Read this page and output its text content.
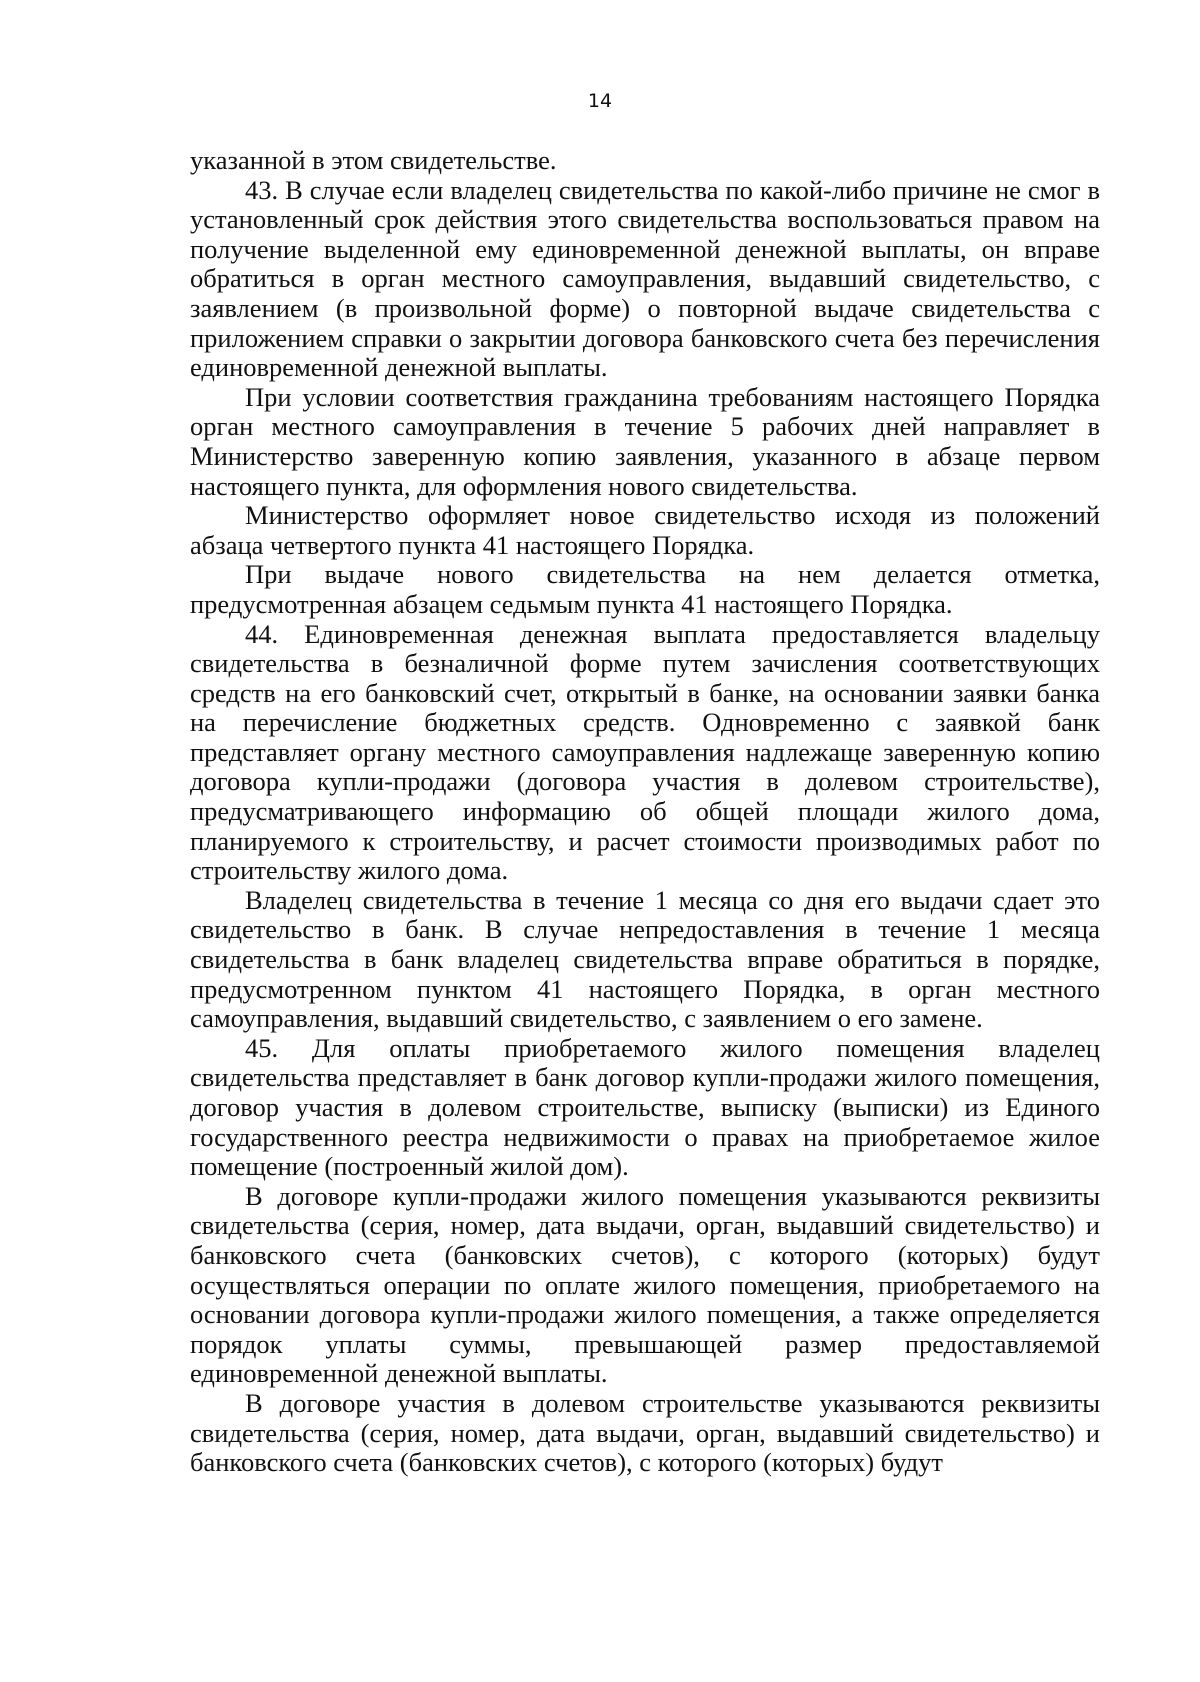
14

указанной в этом свидетельстве.

43. В случае если владелец свидетельства по какой-либо причине не смог в установленный срок действия этого свидетельства воспользоваться правом на получение выделенной ему единовременной денежной выплаты, он вправе обратиться в орган местного самоуправления, выдавший свидетельство, с заявлением (в произвольной форме) о повторной выдаче свидетельства с приложением справки о закрытии договора банковского счета без перечисления единовременной денежной выплаты.

При условии соответствия гражданина требованиям настоящего Порядка орган местного самоуправления в течение 5 рабочих дней направляет в Министерство заверенную копию заявления, указанного в абзаце первом настоящего пункта, для оформления нового свидетельства.

Министерство оформляет новое свидетельство исходя из положений абзаца четвертого пункта 41 настоящего Порядка.

При выдаче нового свидетельства на нем делается отметка, предусмотренная абзацем седьмым пункта 41 настоящего Порядка.

44. Единовременная денежная выплата предоставляется владельцу свидетельства в безналичной форме путем зачисления соответствующих средств на его банковский счет, открытый в банке, на основании заявки банка на перечисление бюджетных средств. Одновременно с заявкой банк представляет органу местного самоуправления надлежаще заверенную копию договора купли-продажи (договора участия в долевом строительстве), предусматривающего информацию об общей площади жилого дома, планируемого к строительству, и расчет стоимости производимых работ по строительству жилого дома.

Владелец свидетельства в течение 1 месяца со дня его выдачи сдает это свидетельство в банк. В случае непредоставления в течение 1 месяца свидетельства в банк владелец свидетельства вправе обратиться в порядке, предусмотренном пунктом 41 настоящего Порядка, в орган местного самоуправления, выдавший свидетельство, с заявлением о его замене.

45. Для оплаты приобретаемого жилого помещения владелец свидетельства представляет в банк договор купли-продажи жилого помещения, договор участия в долевом строительстве, выписку (выписки) из Единого государственного реестра недвижимости о правах на приобретаемое жилое помещение (построенный жилой дом).

В договоре купли-продажи жилого помещения указываются реквизиты свидетельства (серия, номер, дата выдачи, орган, выдавший свидетельство) и банковского счета (банковских счетов), с которого (которых) будут осуществляться операции по оплате жилого помещения, приобретаемого на основании договора купли-продажи жилого помещения, а также определяется порядок уплаты суммы, превышающей размер предоставляемой единовременной денежной выплаты.

В договоре участия в долевом строительстве указываются реквизиты свидетельства (серия, номер, дата выдачи, орган, выдавший свидетельство) и банковского счета (банковских счетов), с которого (которых) будут
